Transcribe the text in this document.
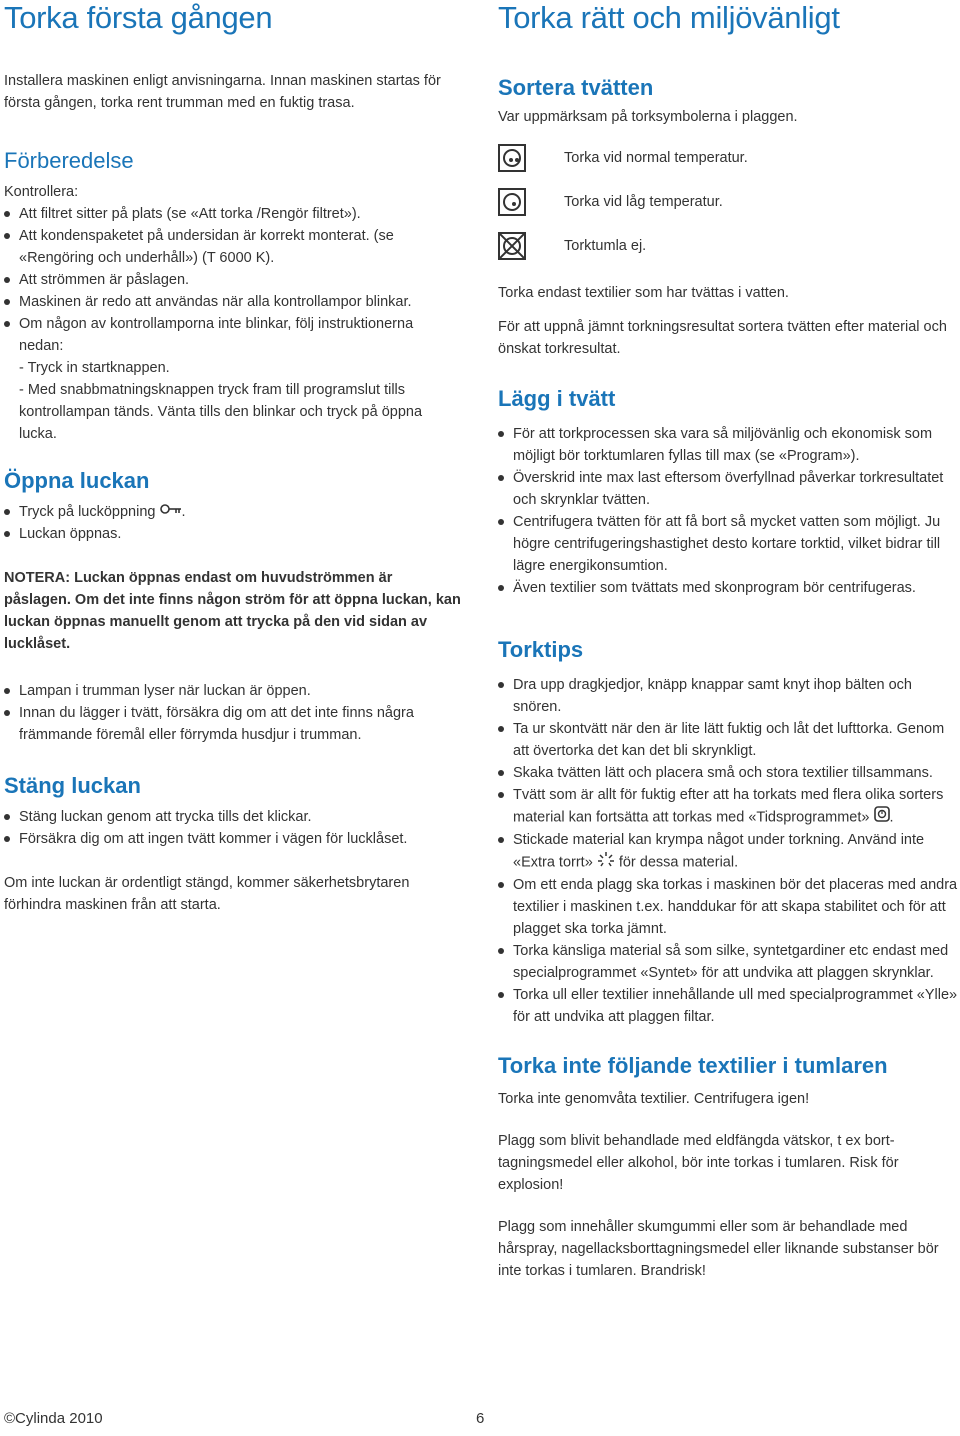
Torka första gången

Installera maskinen enligt anvisningarna. Innan maskinen startas för första gången, torka rent trumman med en fuktig trasa.

Förberedelse

Kontrollera:

Att filtret sitter på plats (se «Att torka /Rengör filtret»).
Att kondenspaketet på undersidan är korrekt monterat. (se «Rengöring och underhåll») (T 6000 K).
Att strömmen är påslagen.
Maskinen är redo att användas när alla kontrollampor blinkar.
Om någon av kontrollamporna inte blinkar, följ instruktionerna nedan:

- Tryck in startknappen.

- Med snabbmatningsknappen tryck fram till programslut tills kontrollampan tänds. Vänta tills den blinkar och tryck på öppna lucka.

Öppna luckan
Tryck på lucköppning .
Luckan öppnas.

NOTERA: Luckan öppnas endast om huvudströmmen är påslagen. Om det inte finns någon ström för att öppna luckan, kan luckan öppnas manuellt genom att trycka på den vid sidan av lucklåset.

Lampan i trumman lyser när luckan är öppen.
Innan du lägger i tvätt, försäkra dig om att det inte finns några främmande föremål eller förrymda husdjur i trumman.
Stäng luckan
Stäng luckan genom att trycka tills det klickar.
Försäkra dig om att ingen tvätt kommer i vägen för lucklåset.

Om inte luckan är ordentligt stängd, kommer säkerhetsbrytaren förhindra maskinen från att starta.

Torka rätt och miljövänligt
Sortera tvätten

Var uppmärksam på torksymbolerna i plaggen.

Torka vid normal temperatur.
Torka vid låg temperatur.
Torktumla ej.

Torka endast textilier som har tvättas i vatten.

För att uppnå jämnt torkningsresultat sortera tvätten efter material och önskat torkresultat.

Lägg i tvätt
För att torkprocessen ska vara så miljövänlig och ekonomisk som möjligt bör torktumlaren fyllas till max (se «Program»).
Överskrid inte max last eftersom överfyllnad påverkar torkresultatet och skrynklar tvätten.
Centrifugera tvätten för att få bort så mycket vatten som möjligt. Ju högre centrifugeringshastighet desto kortare torktid, vilket bidrar till lägre energikonsumtion.
Även textilier som tvättats med skonprogram bör centrifugeras.
Torktips
Dra upp dragkjedjor, knäpp knappar samt knyt ihop bälten och snören.
Ta ur skontvätt när den är lite lätt fuktig och låt det lufttorka. Genom att övertorka det kan det bli skrynkligt.
Skaka tvätten lätt och placera små och stora textilier tillsammans.
Tvätt som är allt för fuktig efter att ha torkats med flera olika sorters material kan fortsätta att torkas med «Tidsprogrammet» .
Stickade material kan krympa något under torkning. Använd inte «Extra torrt» för dessa material.
Om ett enda plagg ska torkas i maskinen bör det placeras med andra textilier i maskinen t.ex. handdukar för att skapa stabilitet och för att plagget ska torka jämnt.
Torka känsliga material så som silke, syntetgardiner etc endast med specialprogrammet «Syntet» för att undvika att plaggen skrynklar.
Torka ull eller textilier innehållande ull med specialprogrammet «Ylle» för att undvika att plaggen filtar.
Torka inte följande textilier i tumlaren

Torka inte genomvåta textilier. Centrifugera igen!

Plagg som blivit behandlade med eldfängda vätskor, t ex borttagningsmedel eller alkohol, bör inte torkas i tumlaren. Risk för explosion!

Plagg som innehåller skumgummi eller som är behandlade med hårspray, nagellacksborttagningsmedel eller liknande substanser bör inte torkas i tumlaren. Brandrisk!

©Cylinda 2010	6
